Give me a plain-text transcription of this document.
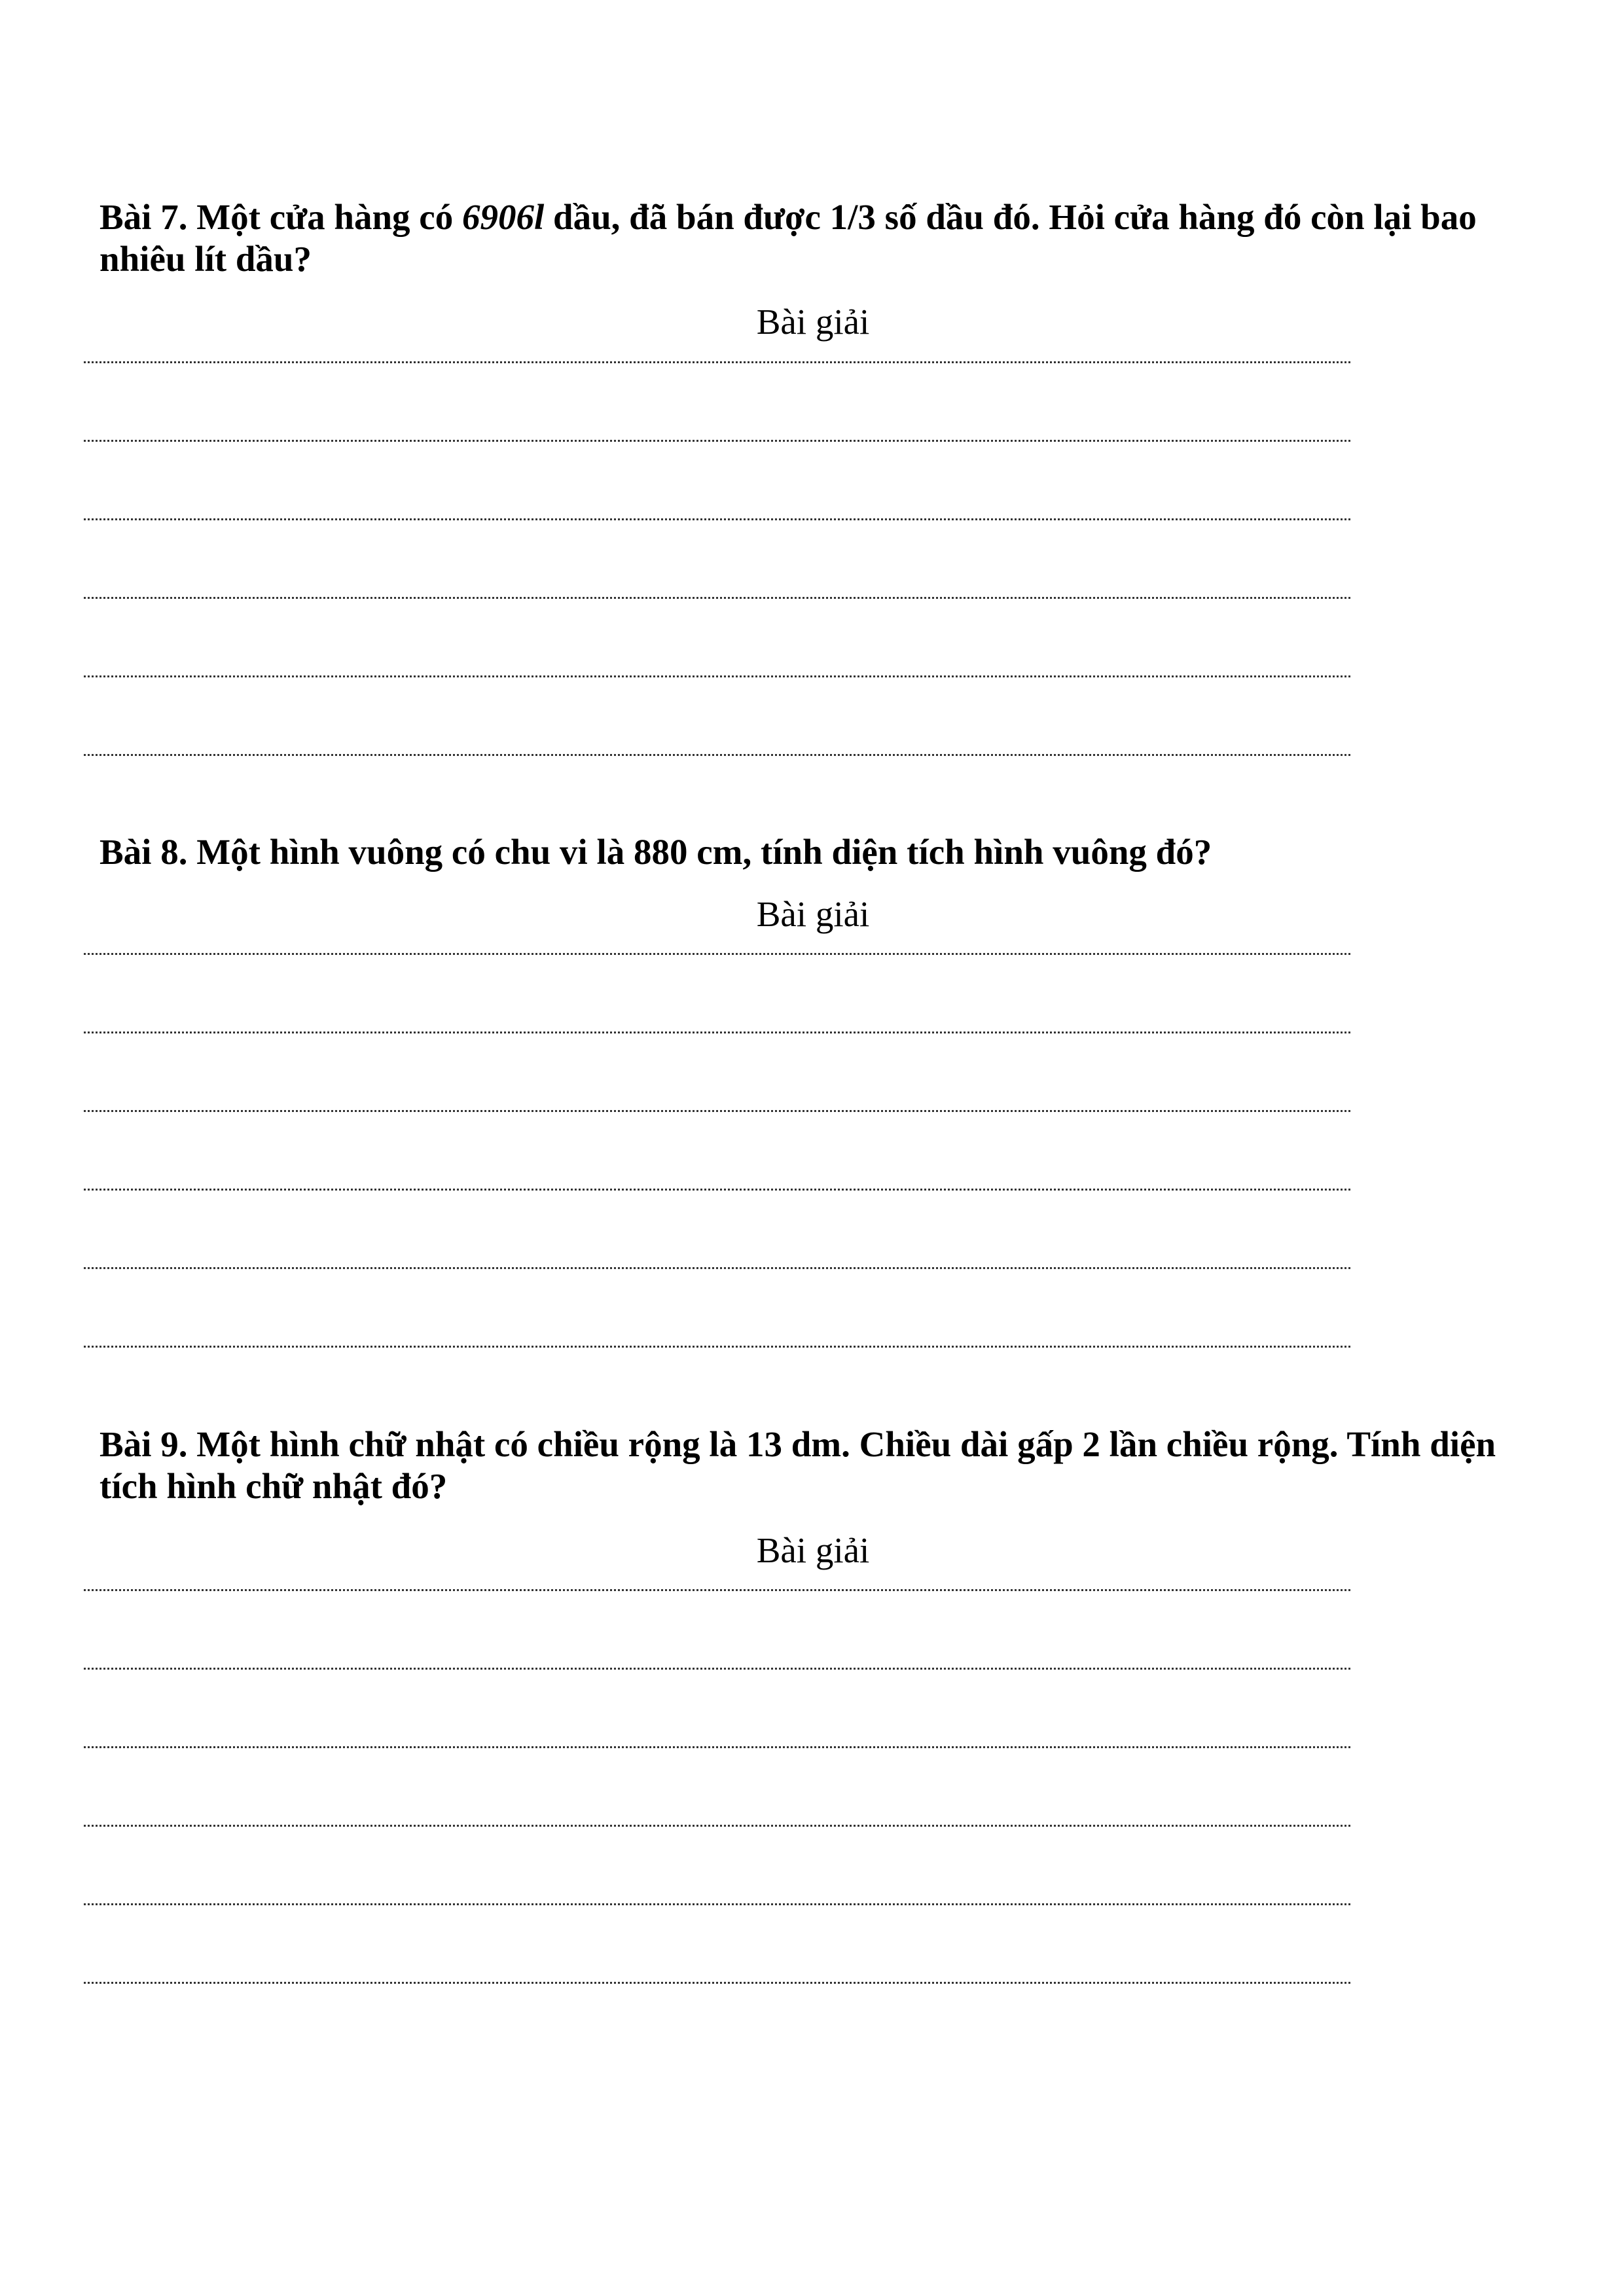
Bài 7. Một cửa hàng có 6906l dầu, đã bán được 1/3 số dầu đó. Hỏi cửa hàng đó còn lại bao nhiêu lít dầu?

Bài giải

Bài 8. Một hình vuông có chu vi là 880 cm, tính diện tích hình vuông đó?

Bài giải

Bài 9. Một hình chữ nhật có chiều rộng là 13 dm. Chiều dài gấp 2 lần chiều rộng. Tính diện tích hình chữ nhật đó?

Bài giải
